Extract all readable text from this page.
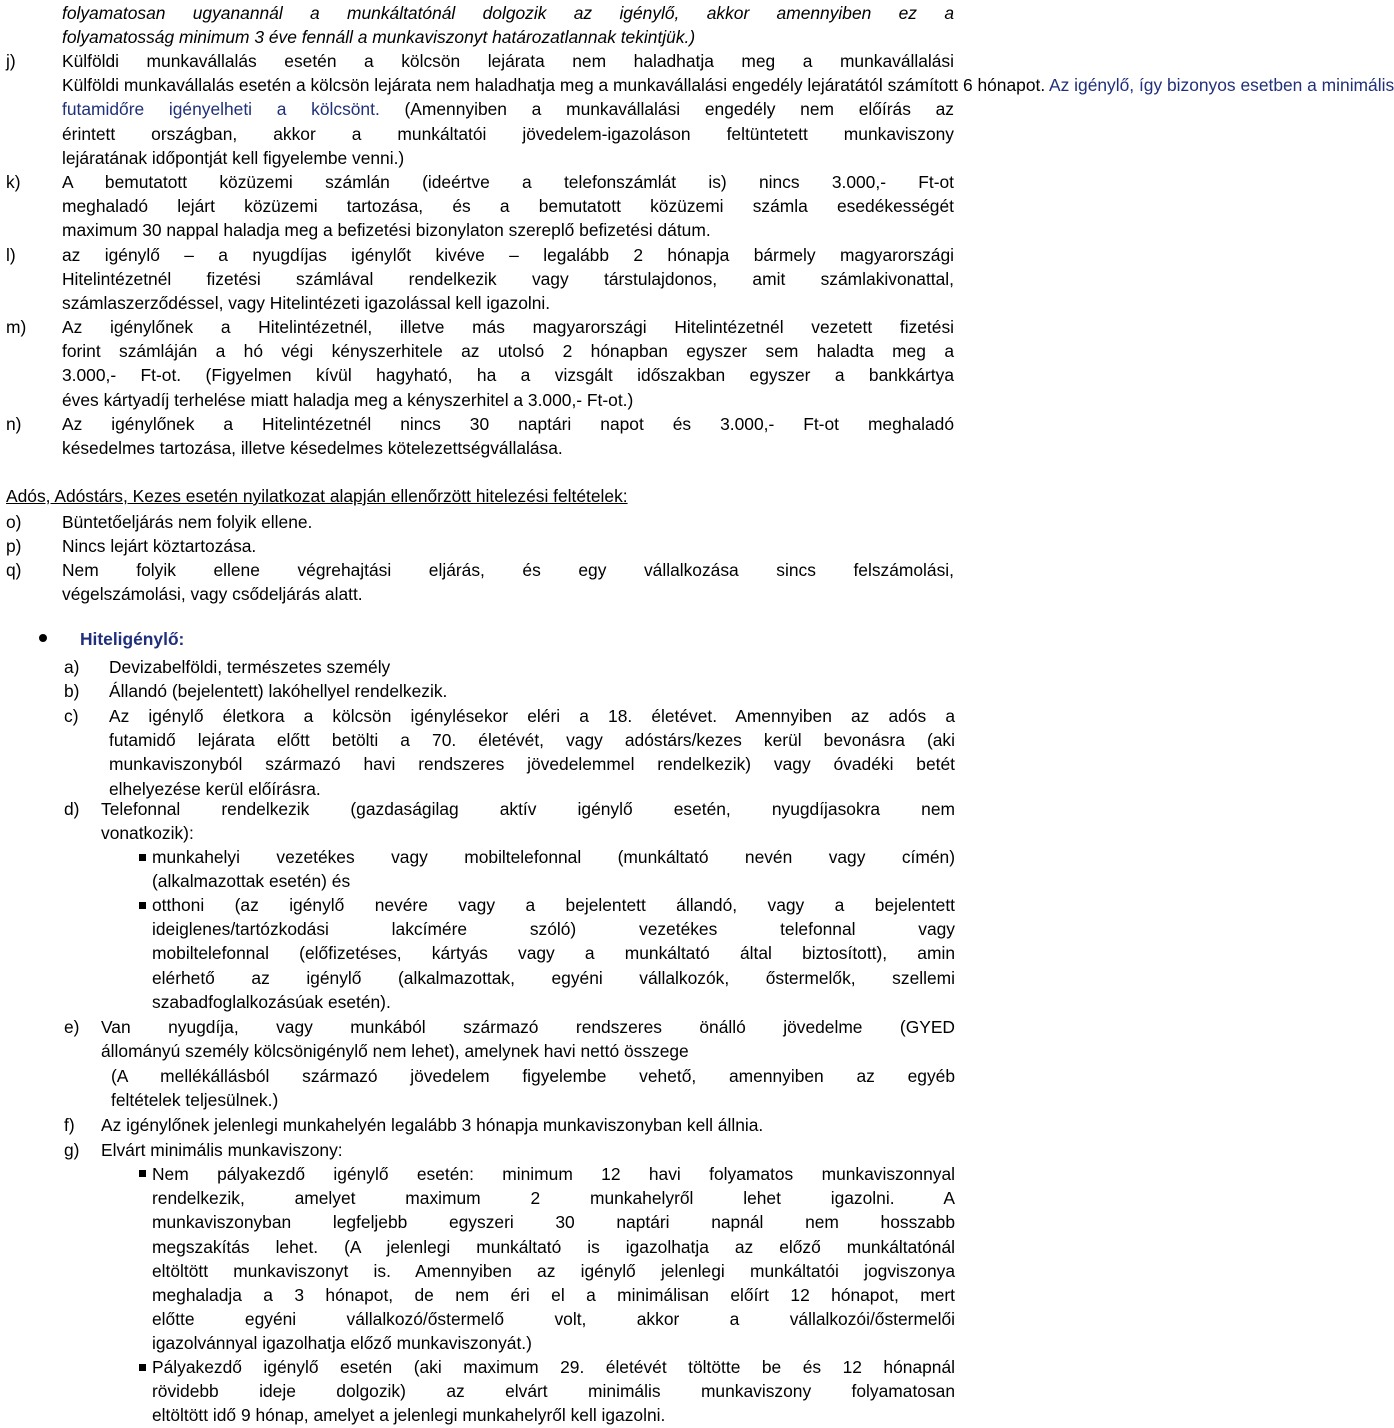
folyamatosan ugyanannál a munkáltatónál dolgozik az igénylő, akkor amennyiben ez a
folyamatosság minimum 3 éve fennáll a munkaviszonyt határozatlannak tekintjük.)
j)	Külföldi munkavállalás esetén a kölcsön lejárata nem haladhatja meg a munkavállalási
Külföldi munkavállalás esetén a kölcsön lejárata nem haladhatja meg a munkavállalási engedély lejáratától számított 6 hónapot. Az igénylő, így bizonyos esetben a minimális
futamidőre igényelheti a kölcsönt. (Amennyiben a munkavállalási engedély nem előírás az
érintett országban, akkor a munkáltatói jövedelem-igazoláson feltüntetett munkaviszony
lejáratának időpontját kell figyelembe venni.)
k) A bemutatott közüzemi számlán (ideértve a telefonszámlát is) nincs 3.000,- Ft-ot
meghaladó lejárt közüzemi tartozása, és a bemutatott közüzemi számla esedékességét
maximum 30 nappal haladja meg a befizetési bizonylaton szereplő befizetési dátum.
l)	az igénylő – a nyugdíjas igénylőt kivéve – legalább 2 hónapja bármely magyarországi
Hitelintézetnél fizetési számlával rendelkezik vagy társtulajdonos, amit számlakivonattal,
számlaszerződéssel, vagy Hitelintézeti igazolással kell igazolni.
m) Az igénylőnek a Hitelintézetnél, illetve más magyarországi Hitelintézetnél vezetett fizetési
forint számláján a hó végi kényszerhitele az utolsó 2 hónapban egyszer sem haladta meg a
3.000,- Ft-ot. (Figyelmen kívül hagyható, ha a vizsgált időszakban egyszer a bankkártya
éves kártyadíj terhelése miatt haladja meg a kényszerhitel a 3.000,- Ft-ot.)
n) Az igénylőnek a Hitelintézetnél nincs 30 naptári napot és 3.000,- Ft-ot meghaladó
késedelmes tartozása, illetve késedelmes kötelezettségvállalása.
Adós, Adóstárs, Kezes esetén nyilatkozat alapján ellenőrzött hitelezési feltételek:
o) Büntetőeljárás nem folyik ellene.
p) Nincs lejárt köztartozása.
q) Nem folyik ellene végrehajtási eljárás, és egy vállalkozása sincs felszámolási,
végelszámolási, vagy csődeljárás alatt.
Hiteligénylő:
a) Devizabelföldi, természetes személy
b) Állandó (bejelentett) lakóhellyel rendelkezik.
c) Az igénylő életkora a kölcsön igénylésekor eléri a 18. életévet. Amennyiben az adós a
futamidő lejárata előtt betölti a 70. életévét, vagy adóstárs/kezes kerül bevonásra (aki
munkaviszonyból származó havi rendszeres jövedelemmel rendelkezik) vagy óvadéki betét
elhelyezése kerül előírásra.
d) Telefonnal rendelkezik (gazdaságilag aktív igénylő esetén, nyugdíjasokra nem
vonatkozik):
munkahelyi vezetékes vagy mobiltelefonnal (munkáltató nevén vagy címén)
(alkalmazottak esetén) és
otthoni (az igénylő nevére vagy a bejelentett állandó, vagy a bejelentett
ideiglenes/tartózkodási lakcímére szóló) vezetékes telefonnal vagy
mobiltelefonnal (előfizetéses, kártyás vagy a munkáltató által biztosított), amin
elérhető az igénylő (alkalmazottak, egyéni vállalkozók, őstermelők, szellemi
szabadfoglalkozásúak esetén).
e) Van nyugdíja, vagy munkából származó rendszeres önálló jövedelme (GYED
állományú személy kölcsönigénylő nem lehet), amelynek havi nettó összege
(A mellékállásból származó jövedelem figyelembe vehető, amennyiben az egyéb
feltételek teljesülnek.)
f) Az igénylőnek jelenlegi munkahelyén legalább 3 hónapja munkaviszonyban kell állnia.
g) Elvárt minimális munkaviszony:
Nem pályakezdő igénylő esetén: minimum 12 havi folyamatos munkaviszonnyal
rendelkezik, amelyet maximum 2 munkahelyről lehet igazolni. A
munkaviszonyban legfeljebb egyszeri 30 naptári napnál nem hosszabb
megszakítás lehet. (A jelenlegi munkáltató is igazolhatja az előző munkáltatónál
eltöltött munkaviszonyt is. Amennyiben az igénylő jelenlegi munkáltatói jogviszonya
meghaladja a 3 hónapot, de nem éri el a minimálisan előírt 12 hónapot, mert
előtte egyéni vállalkozó/őstermelő volt, akkor a vállalkozói/őstermelői
igazolvánnyal igazolhatja előző munkaviszonyát.)
Pályakezdő igénylő esetén (aki maximum 29. életévét töltötte be és 12 hónapnál
rövidebb ideje dolgozik) az elvárt minimális munkaviszony folyamatosan
eltöltött idő 9 hónap, amelyet a jelenlegi munkahelyről kell igazolni.
